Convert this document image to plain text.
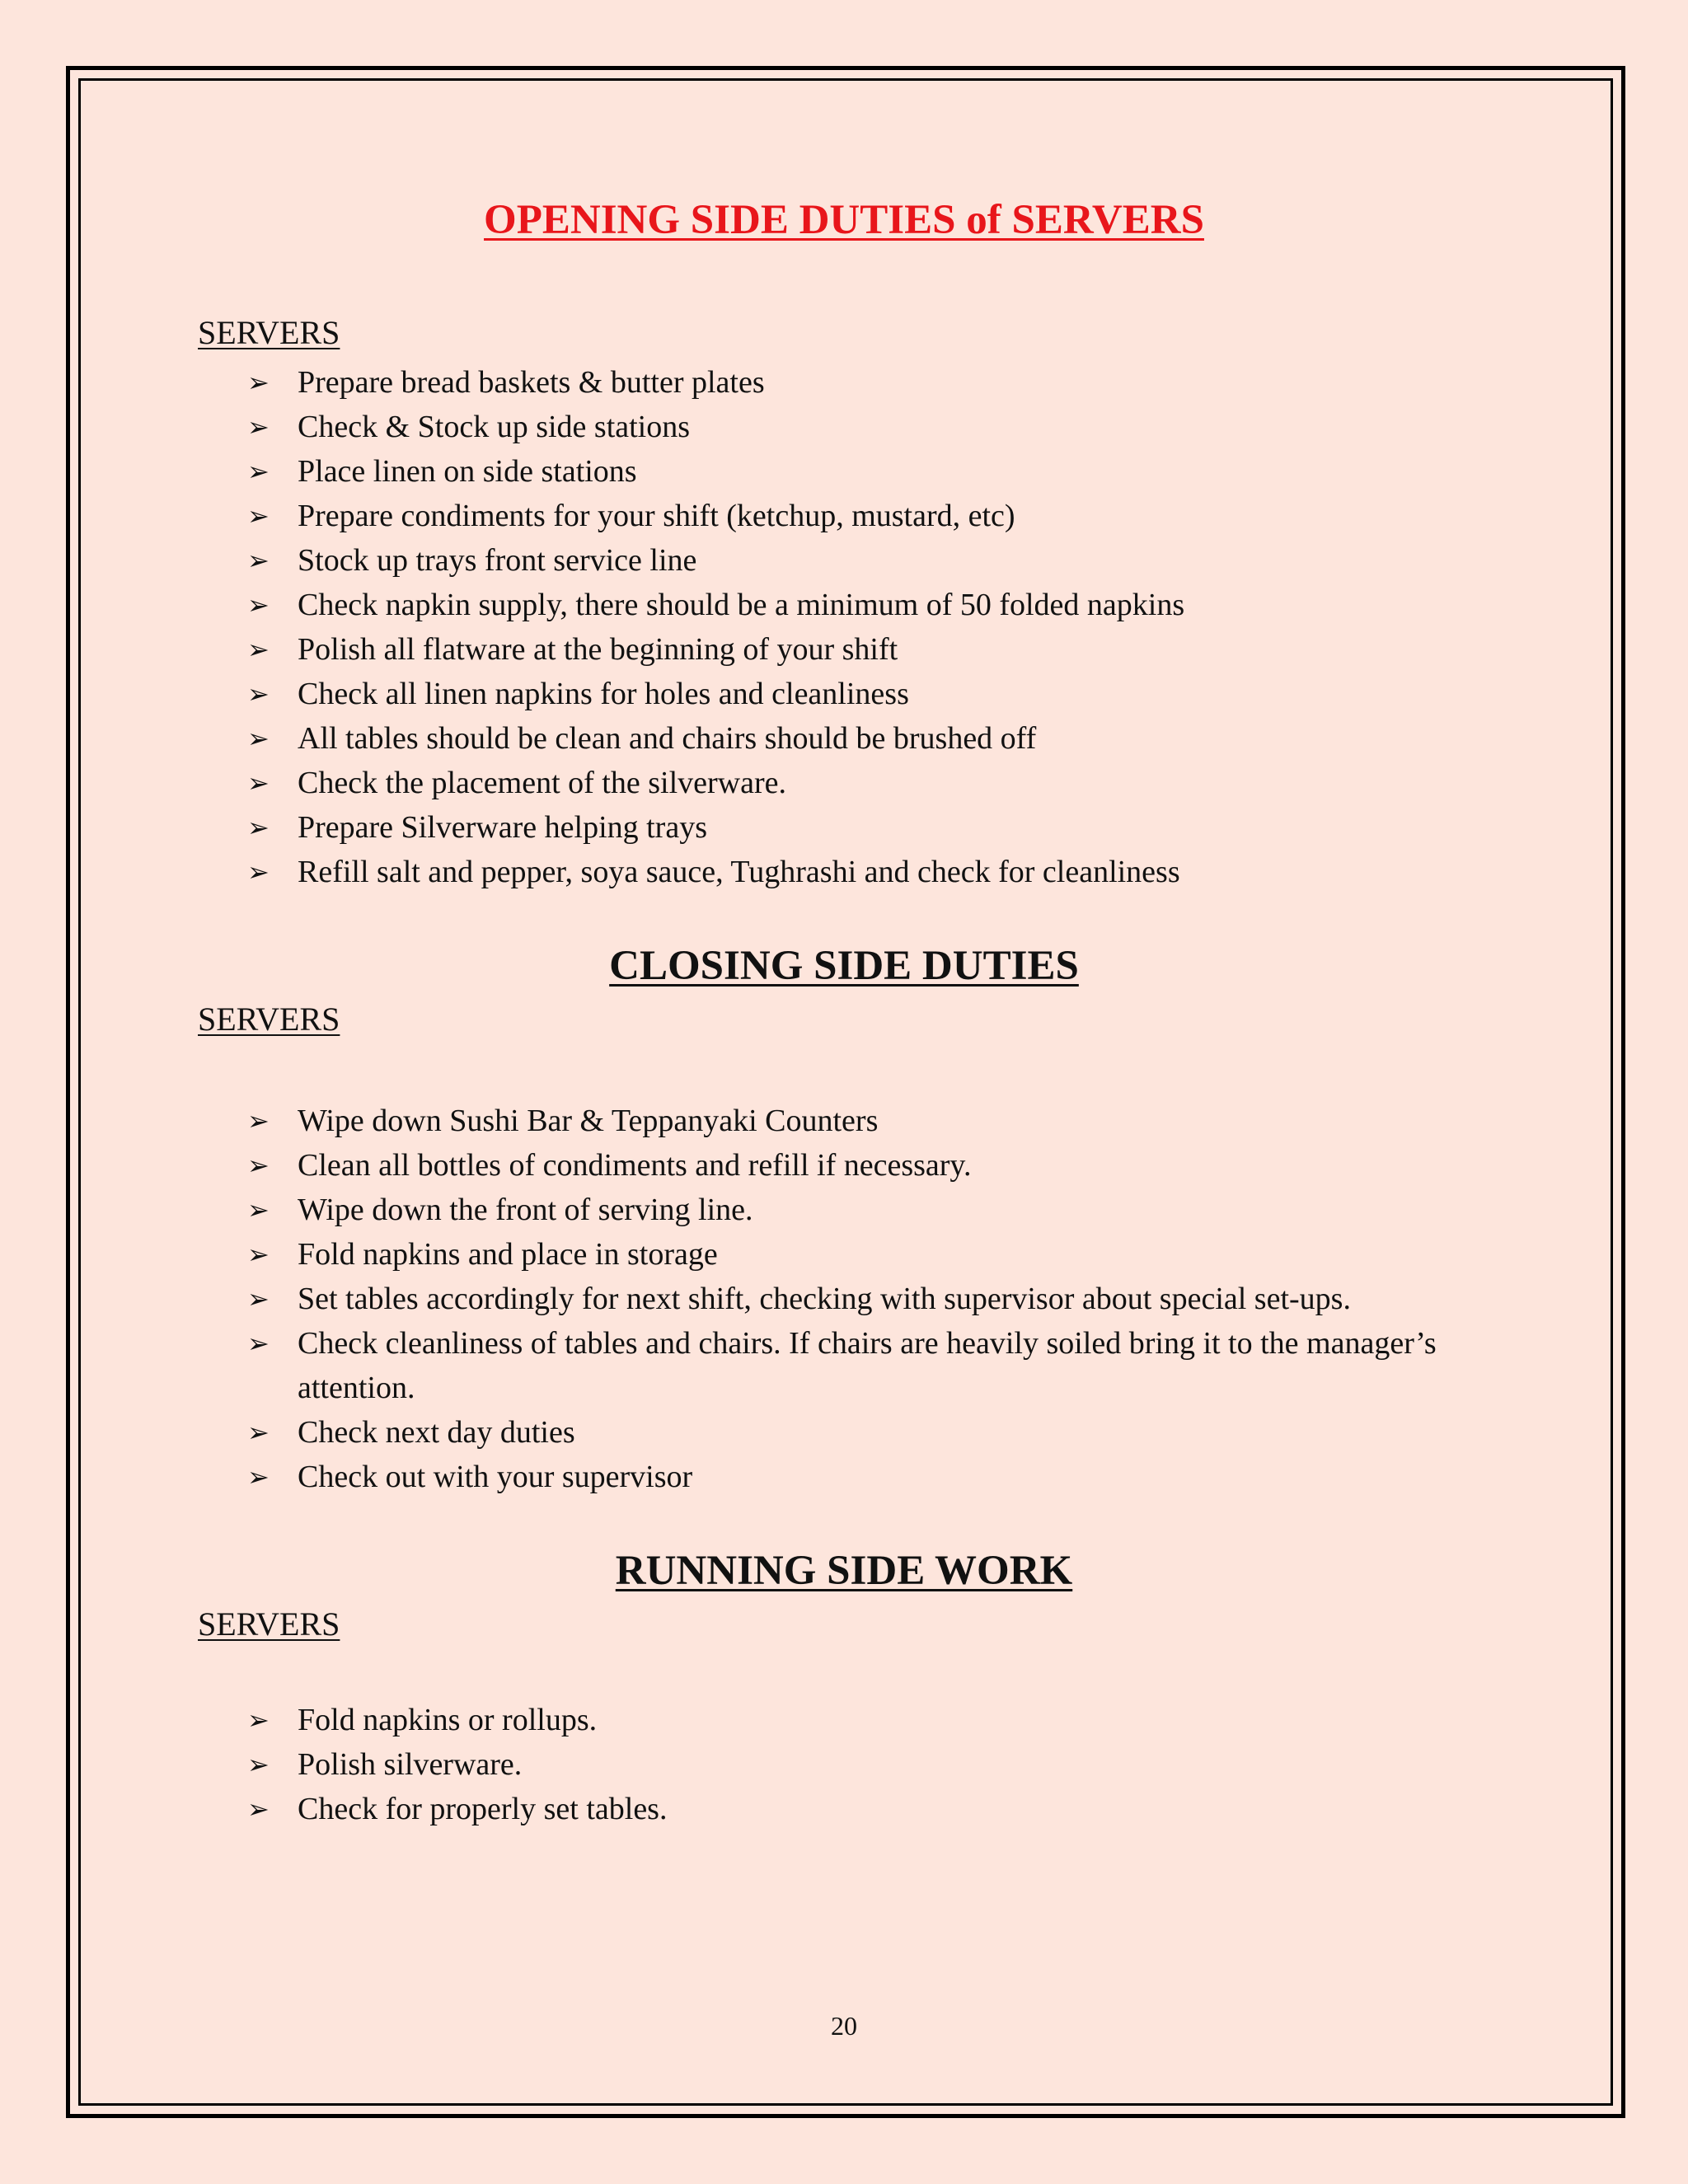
OPENING SIDE DUTIES of SERVERS
SERVERS
➢ Prepare bread baskets & butter plates
➢ Check & Stock up side stations
➢ Place linen on side stations
➢ Prepare condiments for your shift (ketchup, mustard, etc)
➢ Stock up trays front service line
➢ Check napkin supply, there should be a minimum of 50 folded napkins
➢ Polish all flatware at the beginning of your shift
➢ Check all linen napkins for holes and cleanliness
➢ All tables should be clean and chairs should be brushed off
➢ Check the placement of the silverware.
➢ Prepare Silverware helping trays
➢ Refill salt and pepper, soya sauce, Tughrashi and check for cleanliness
CLOSING SIDE DUTIES
SERVERS
➢ Wipe down Sushi Bar & Teppanyaki Counters
➢ Clean all bottles of condiments and refill if necessary.
➢ Wipe down the front of serving line.
➢ Fold napkins and place in storage
➢ Set tables accordingly for next shift, checking with supervisor about special set-ups.
➢ Check cleanliness of tables and chairs. If chairs are heavily soiled bring it to the manager’s attention.
➢ Check next day duties
➢ Check out with your supervisor
RUNNING SIDE WORK
SERVERS
➢ Fold napkins or rollups.
➢ Polish silverware.
➢ Check for properly set tables.
20
